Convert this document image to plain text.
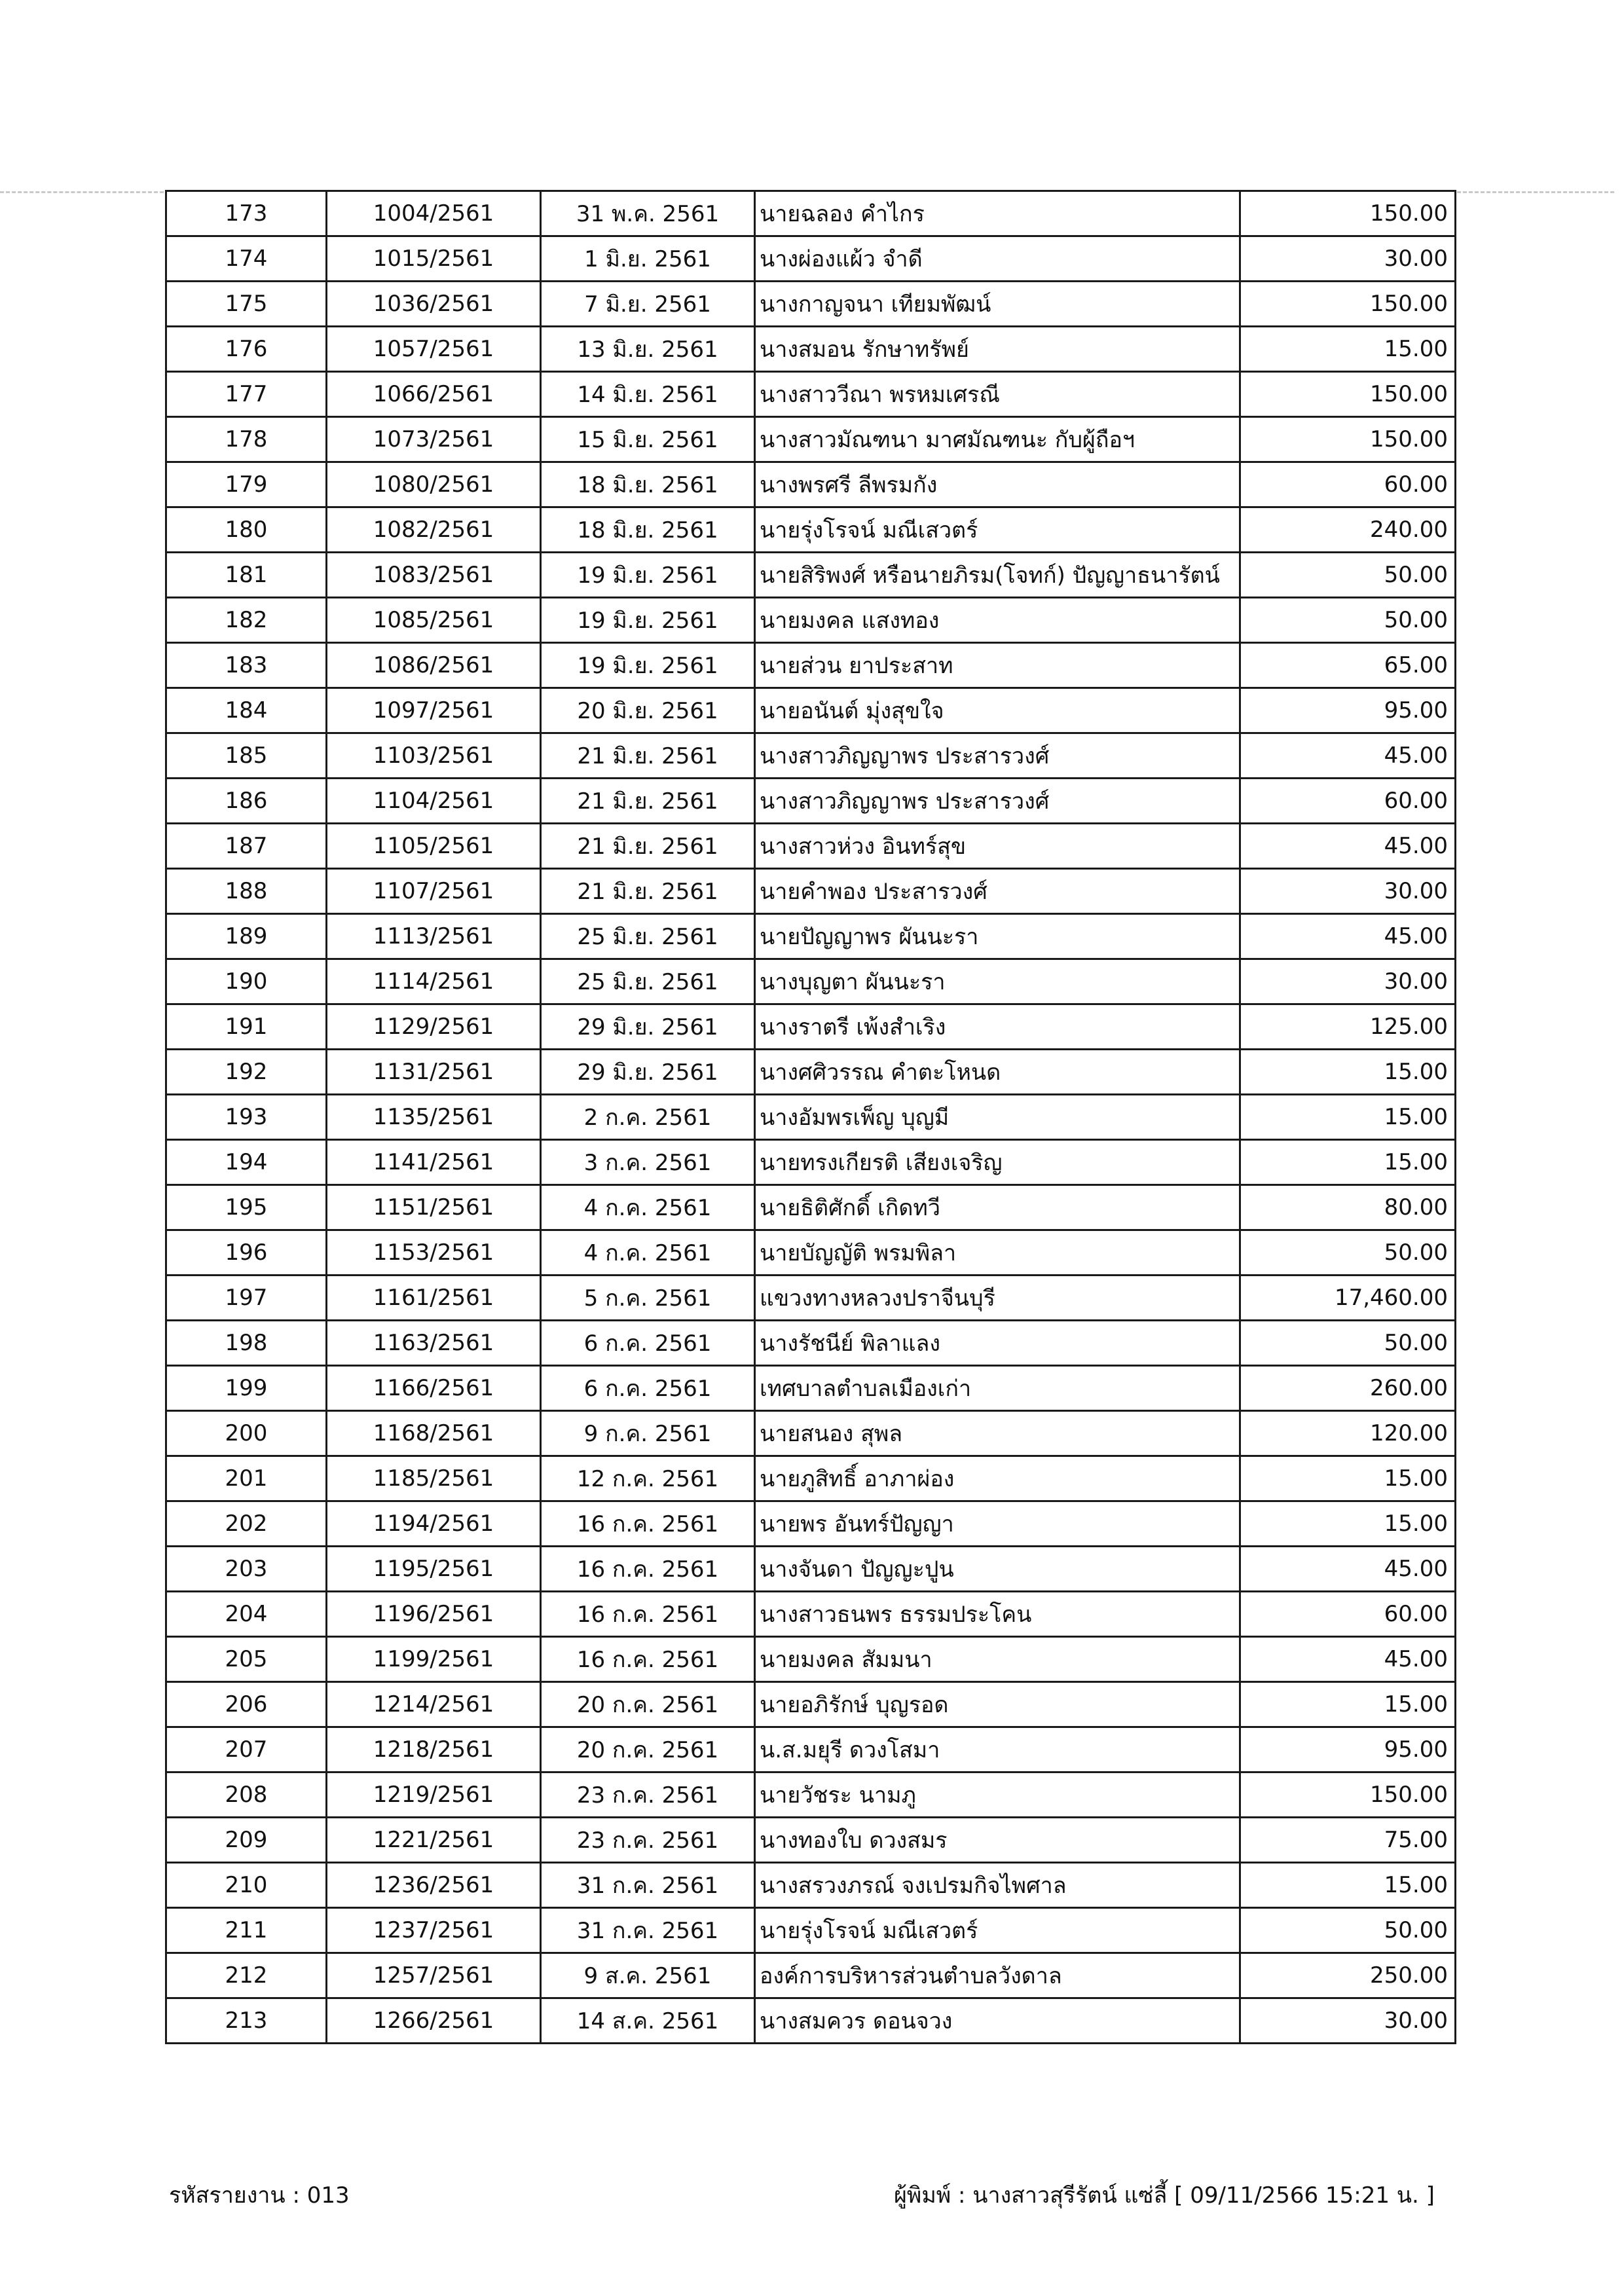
173	1004/2561	31 พ.ค. 2561	นายฉลอง คำไกร	150.00
174	1015/2561	1 มิ.ย. 2561	นางผ่องแผ้ว จำดี	30.00
175	1036/2561	7 มิ.ย. 2561	นางกาญจนา เทียมพัฒน์	150.00
176	1057/2561	13 มิ.ย. 2561	นางสมอน รักษาทรัพย์	15.00
177	1066/2561	14 มิ.ย. 2561	นางสาววีณา พรหมเศรณี	150.00
178	1073/2561	15 มิ.ย. 2561	นางสาวมัณฑนา มาศมัณฑนะ กับผู้ถือฯ	150.00
179	1080/2561	18 มิ.ย. 2561	นางพรศรี ลีพรมกัง	60.00
180	1082/2561	18 มิ.ย. 2561	นายรุ่งโรจน์ มณีเสวตร์	240.00
181	1083/2561	19 มิ.ย. 2561	นายสิริพงศ์ หรือนายภิรม(โจทก์) ปัญญาธนารัตน์	50.00
182	1085/2561	19 มิ.ย. 2561	นายมงคล แสงทอง	50.00
183	1086/2561	19 มิ.ย. 2561	นายส่วน ยาประสาท	65.00
184	1097/2561	20 มิ.ย. 2561	นายอนันต์ มุ่งสุขใจ	95.00
185	1103/2561	21 มิ.ย. 2561	นางสาวภิญญาพร ประสารวงศ์	45.00
186	1104/2561	21 มิ.ย. 2561	นางสาวภิญญาพร ประสารวงศ์	60.00
187	1105/2561	21 มิ.ย. 2561	นางสาวห่วง อินทร์สุข	45.00
188	1107/2561	21 มิ.ย. 2561	นายคำพอง ประสารวงศ์	30.00
189	1113/2561	25 มิ.ย. 2561	นายปัญญาพร ผันนะรา	45.00
190	1114/2561	25 มิ.ย. 2561	นางบุญตา ผันนะรา	30.00
191	1129/2561	29 มิ.ย. 2561	นางราตรี เพ้งสำเริง	125.00
192	1131/2561	29 มิ.ย. 2561	นางศศิวรรณ คำตะโหนด	15.00
193	1135/2561	2 ก.ค. 2561	นางอัมพรเพ็ญ บุญมี	15.00
194	1141/2561	3 ก.ค. 2561	นายทรงเกียรติ เสียงเจริญ	15.00
195	1151/2561	4 ก.ค. 2561	นายธิติศักดิ์ เกิดทวี	80.00
196	1153/2561	4 ก.ค. 2561	นายบัญญัติ พรมพิลา	50.00
197	1161/2561	5 ก.ค. 2561	แขวงทางหลวงปราจีนบุรี	17,460.00
198	1163/2561	6 ก.ค. 2561	นางรัชนีย์ พิลาแลง	50.00
199	1166/2561	6 ก.ค. 2561	เทศบาลตำบลเมืองเก่า	260.00
200	1168/2561	9 ก.ค. 2561	นายสนอง สุพล	120.00
201	1185/2561	12 ก.ค. 2561	นายภูสิทธิ์ อาภาผ่อง	15.00
202	1194/2561	16 ก.ค. 2561	นายพร อันทร์ปัญญา	15.00
203	1195/2561	16 ก.ค. 2561	นางจันดา ปัญญะปูน	45.00
204	1196/2561	16 ก.ค. 2561	นางสาวธนพร ธรรมประโคน	60.00
205	1199/2561	16 ก.ค. 2561	นายมงคล สัมมนา	45.00
206	1214/2561	20 ก.ค. 2561	นายอภิรักษ์ บุญรอด	15.00
207	1218/2561	20 ก.ค. 2561	น.ส.มยุรี ดวงโสมา	95.00
208	1219/2561	23 ก.ค. 2561	นายวัชระ นามภู	150.00
209	1221/2561	23 ก.ค. 2561	นางทองใบ ดวงสมร	75.00
210	1236/2561	31 ก.ค. 2561	นางสรวงภรณ์ จงเปรมกิจไพศาล	15.00
211	1237/2561	31 ก.ค. 2561	นายรุ่งโรจน์ มณีเสวตร์	50.00
212	1257/2561	9 ส.ค. 2561	องค์การบริหารส่วนตำบลวังดาล	250.00
213	1266/2561	14 ส.ค. 2561	นางสมควร ดอนจวง	30.00
รหัสรายงาน : 013	ผู้พิมพ์ : นางสาวสุรีรัตน์ แซ่ลี้ [ 09/11/2566 15:21 น. ]
